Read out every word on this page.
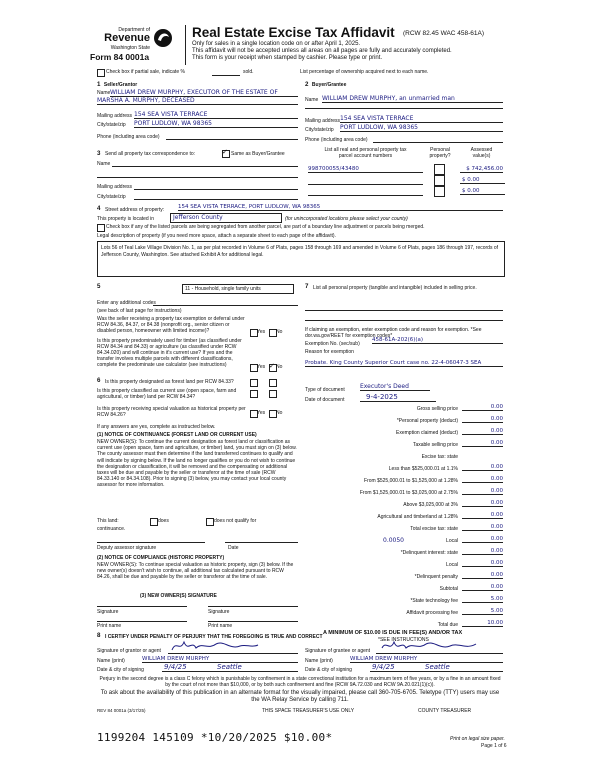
Department of
Revenue
Washington State
Form 84 0001a
Real Estate Excise Tax Affidavit (RCW 82.45 WAC 458-61A)
Only for sales in a single location code on or after April 1, 2025.
This affidavit will not be accepted unless all areas on all pages are fully and accurately completed.
This form is your receipt when stamped by cashier. Please type or print.
Check box if partial sale, indicate %	sold.	List percentage of ownership acquired next to each name.
1 Seller/Grantor
Name WILLIAM DREW MURPHY, EXECUTOR OF THE ESTATE OF
MARSHA A. MURPHY, DECEASED
Mailing address 154 SEA VISTA TERRACE
City/state/zip PORT LUDLOW, WA 98365
Phone (including area code)
2 Buyer/Grantee
Name WILLIAM DREW MURPHY, an unmarried man
Mailing address 154 SEA VISTA TERRACE
City/state/zip PORT LUDLOW, WA 98365
Phone (including area code)
3 Send all property tax correspondence to:	✓ Same as Buyer/Grantee
Name
Mailing address
City/state/zip
List all real and personal property tax
parcel account numbers
Personal
property?
Assessed
value(s)
998700055/43480	$ 742,456.00
$ 0.00
$ 0.00
4 Street address of property:	154 SEA VISTA TERRACE, PORT LUDLOW, WA 98365
This property is located in	Jefferson County	(for unincorporated locations please select your county)
Check box if any of the listed parcels are being segregated from another parcel, are part of a boundary line adjustment or parcels being merged.
Legal description of property (if you need more space, attach a separate sheet to each page of the affidavit).
Lots 56 of Teal Lake Village Division No. 1, as per plat recorded in Volume 6 of Plats, pages 158 through 169 and amended in Volume 6 of Plats, pages 186 through 197, records of Jefferson County, Washington. See attached Exhibit A for additional legal.
5	11 - Household, single family units
Enter any additional codes
(see back of last page for instructions)
Was the seller receiving a property tax exemption or deferral under RCW 84.36, 84.37, or 84.38 (nonprofit org., senior citizen or disabled person, homeowner with limited income)?	Yes No
Is this property predominately used for timber (as classified under RCW 84.34 and 84.33) or agriculture (as classified under RCW 84.34.020) and will continue in it's current use? If yes and the transfer involves multiple parcels with different classifications, complete the predominate use calculator (see instructions)	Yes ✓ No
6 Is this property designated as forest land per RCW 84.33?
Is this property classified as current use (open space, farm and agricultural, or timber) land per RCW 84.34?
Is this property receiving special valuation as historical property per RCW 84.26?	Yes No
If any answers are yes, complete as instructed below.
(1) NOTICE OF CONTINUANCE (FOREST LAND OR CURRENT USE)
NEW OWNER(S): To continue the current designation as forest land or classification as current use (open space, farm and agriculture, or timber) land, you must sign on (3) below. The county assessor must then determine if the land transferred continues to qualify and will indicate by signing below. If the land no longer qualifies or you do not wish to continue the designation or classification, it will be removed and the compensating or additional taxes will be due and payable by the seller or transferor at the time of sale (RCW 84.33.140 or 84.34.108). Prior to signing (3) below, you may contact your local county assessor for more information.
This land:	does	does not qualify for
continuance.
Deputy assessor signature	Date
(2) NOTICE OF COMPLIANCE (HISTORIC PROPERTY)
NEW OWNER(S): To continue special valuation as historic property, sign (3) below. If the new owner(s) doesn't wish to continue, all additional tax calculated pursuant to RCW 84.26, shall be due and payable by the seller or transferor at the time of sale.
(3) NEW OWNER(S) SIGNATURE
Signature	Signature
Print name	Print name
7 List all personal property (tangible and intangible) included in selling price.
If claiming an exemption, enter exemption code and reason for exemption. *See dor.wa.gov/REET for exemption codes*
Exemption No. (sec/sub)
458-61A-202(6)(a)
Reason for exemption
Probate. King County Superior Court case no. 22-4-06047-3 SEA
Type of document	Executor's Deed
Date of document	9-4-2025
Gross selling price	0.00
*Personal property (deduct)	0.00
Exemption claimed (deduct)	0.00
Taxable selling price	0.00
Excise tax: state
Less than $525,000.01 at 1.1%	0.00
From $525,000.01 to $1,525,000 at 1.28%	0.00
From $1,525,000.01 to $3,025,000 at 2.75%	0.00
Above $3,025,000 at 3%	0.00
Agricultural and timberland at 1.28%	0.00
Total excise tax: state	0.00
0.0050	Local	0.00
*Delinquent interest: state	0.00
Local	0.00
*Delinquent penalty	0.00
Subtotal	0.00
*State technology fee	5.00
Affidavit processing fee	5.00
Total due	10.00
A MINIMUM OF $10.00 IS DUE IN FEE(S) AND/OR TAX
*SEE INSTRUCTIONS
8 I CERTIFY UNDER PENALTY OF PERJURY THAT THE FOREGOING IS TRUE AND CORRECT
Signature of grantor or agent
Name (print)	WILLIAM DREW MURPHY
Date & city of signing	9/4/25	Seattle
Signature of grantee or agent
Name (print)	WILLIAM DREW MURPHY
Date & city of signing	9/4/25	Seattle
Perjury in the second degree is a class C felony which is punishable by confinement in a state correctional institution for a maximum term of five years, or by a fine in an amount fixed by the court of not more than $10,000, or by both such confinement and fine (RCW 9A.72.030 and RCW 9A.20.021(1)(c)).
To ask about the availability of this publication in an alternate format for the visually impaired, please call 360-705-6705. Teletype (TTY) users may use the WA Relay Service by calling 711.
REV 84 0001a (3/17/25)	THIS SPACE TREASURER'S USE ONLY	COUNTY TREASURER
1199204 145109 *10/20/2025 $10.00*	Print on legal size paper.
Page 1 of 6
